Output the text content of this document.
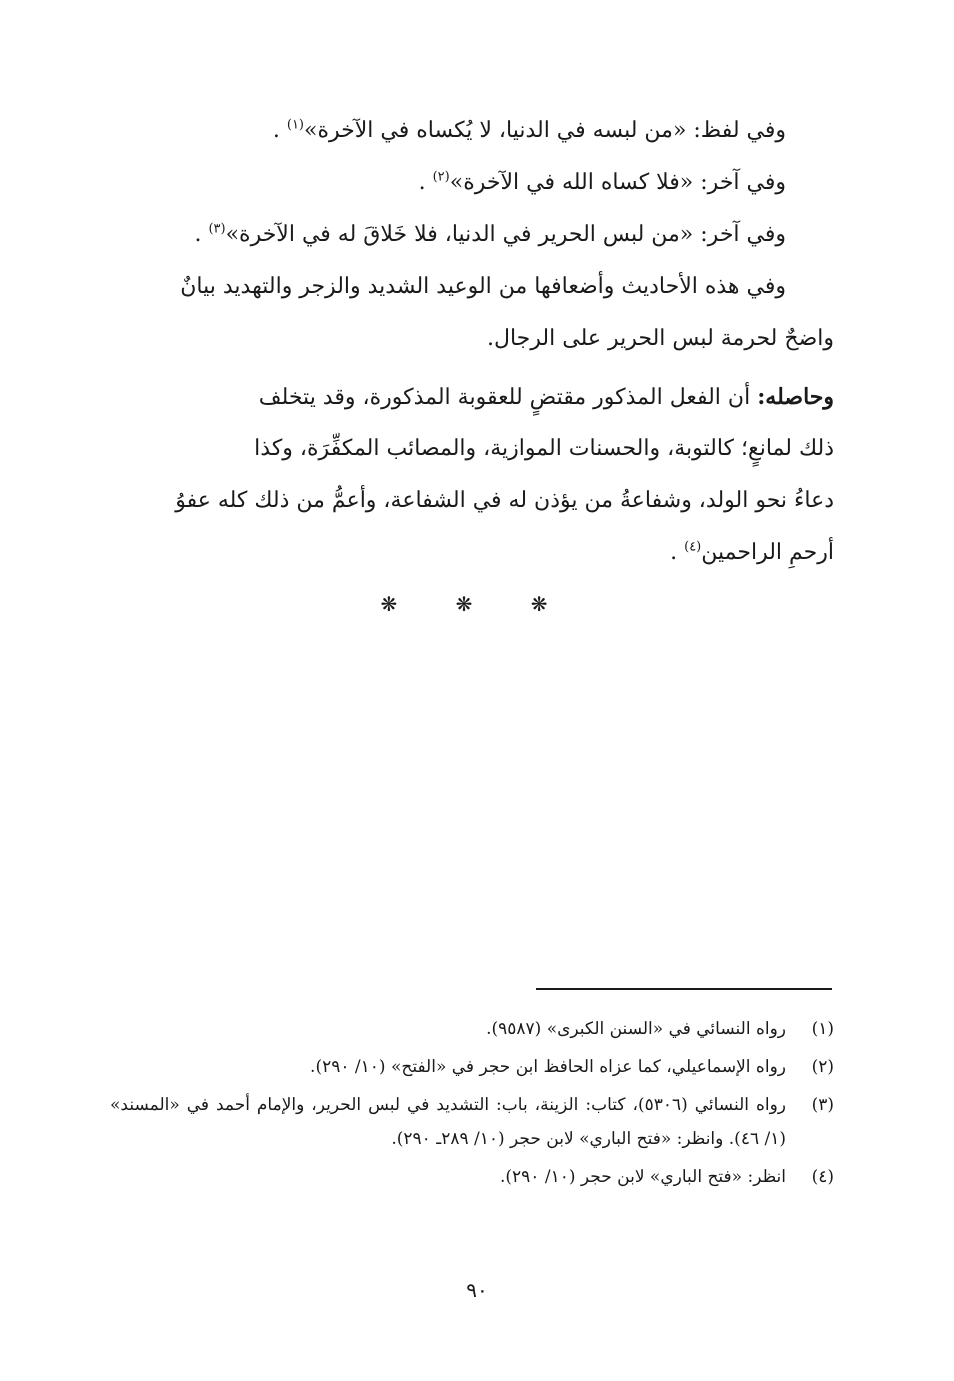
وفي لفظ: «من لبسه في الدنيا، لا يُكساه في الآخرة»$^{(١)}$ .
وفي آخر: «فلا كساه الله في الآخرة»$^{(٢)}$ .
وفي آخر: «من لبس الحرير في الدنيا، فلا خَلاقَ له في الآخرة»$^{(٣)}$ .
وفي هذه الأحاديث وأضعافها من الوعيد الشديد والزجر والتهديد بيانٌ
واضحٌ لحرمة لبس الحرير على الرجال.
وحاصله: أن الفعل المذكور مقتضٍ للعقوبة المذكورة، وقد يتخلف
ذلك لمانعٍ؛ كالتوبة، والحسنات الموازية، والمصائب المكفِّرَة، وكذا
دعاءُ نحو الولد، وشفاعةُ من يؤذن له في الشفاعة، وأعمُّ من ذلك كله عفوُ
أرحمِ الراحمين$^{(٤)}$ .
❋ ❋ ❋
(١)
رواه النسائي في «السنن الكبرى» (٩٥٨٧).
(٢)
رواه الإسماعيلي، كما عزاه الحافظ ابن حجر في «الفتح» (١٠/ ٢٩٠).
(٣)
رواه النسائي (٥٣٠٦)، كتاب: الزينة، باب: التشديد في لبس الحرير، والإمام أحمد في «المسند» (١/ ٤٦). وانظر: «فتح الباري» لابن حجر (١٠/ ٢٨٩ـ ٢٩٠).
(٤)
انظر: «فتح الباري» لابن حجر (١٠/ ٢٩٠).
٩٠
